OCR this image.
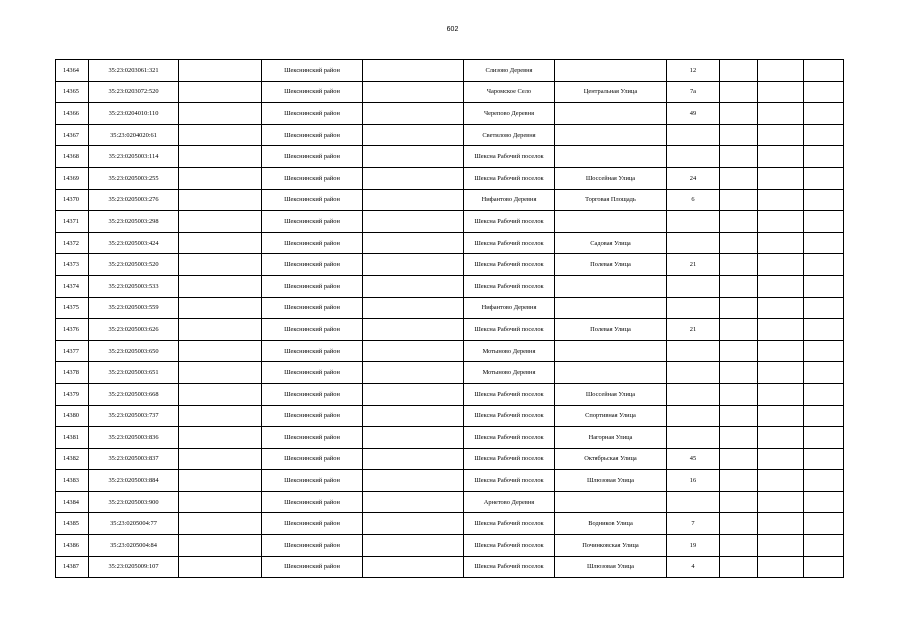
602
14364	35:23:0203061:321		Шекснинский район		Слизово Деревня		12			
14365	35:23:0203072:520		Шекснинский район		Чаромское Село	Центральная Улица	7а			
14366	35:23:0204010:110		Шекснинский район		Черепово Деревня		49			
14367	35:23:0204020:61		Шекснинский район		Светилово Деревня					
14368	35:23:0205003:114		Шекснинский район		Шексна Рабочий поселок					
14369	35:23:0205003:255		Шекснинский район		Шексна Рабочий поселок	Шоссейная Улица	24			
14370	35:23:0205003:276		Шекснинский район		Нифантово Деревня	Торговая Площадь	6			
14371	35:23:0205003:298		Шекснинский район		Шексна Рабочий поселок					
14372	35:23:0205003:424		Шекснинский район		Шексна Рабочий поселок	Садовая Улица				
14373	35:23:0205003:520		Шекснинский район		Шексна Рабочий поселок	Полевая Улица	21			
14374	35:23:0205003:533		Шекснинский район		Шексна Рабочий поселок					
14375	35:23:0205003:559		Шекснинский район		Нифантово Деревня					
14376	35:23:0205003:626		Шекснинский район		Шексна Рабочий поселок	Полевая Улица	21			
14377	35:23:0205003:650		Шекснинский район		Мотыново Деревня					
14378	35:23:0205003:651		Шекснинский район		Мотыново Деревня					
14379	35:23:0205003:668		Шекснинский район		Шексна Рабочий поселок	Шоссейная Улица				
14380	35:23:0205003:737		Шекснинский район		Шексна Рабочий поселок	Спортивная Улица				
14381	35:23:0205003:836		Шекснинский район		Шексна Рабочий поселок	Нагорная Улица				
14382	35:23:0205003:837		Шекснинский район		Шексна Рабочий поселок	Октябрьская Улица	45			
14383	35:23:0205003:884		Шекснинский район		Шексна Рабочий поселок	Шлюзовая Улица	16			
14384	35:23:0205003:900		Шекснинский район		Арнетово Деревня					
14385	35:23:0205004:77		Шекснинский район		Шексна Рабочий поселок	Водников Улица	7			
14386	35:23:0205004:84		Шекснинский район		Шексна Рабочий поселок	Починковская Улица	19			
14387	35:23:0205009:107		Шекснинский район		Шексна Рабочий поселок	Шлюзовая Улица	4			
